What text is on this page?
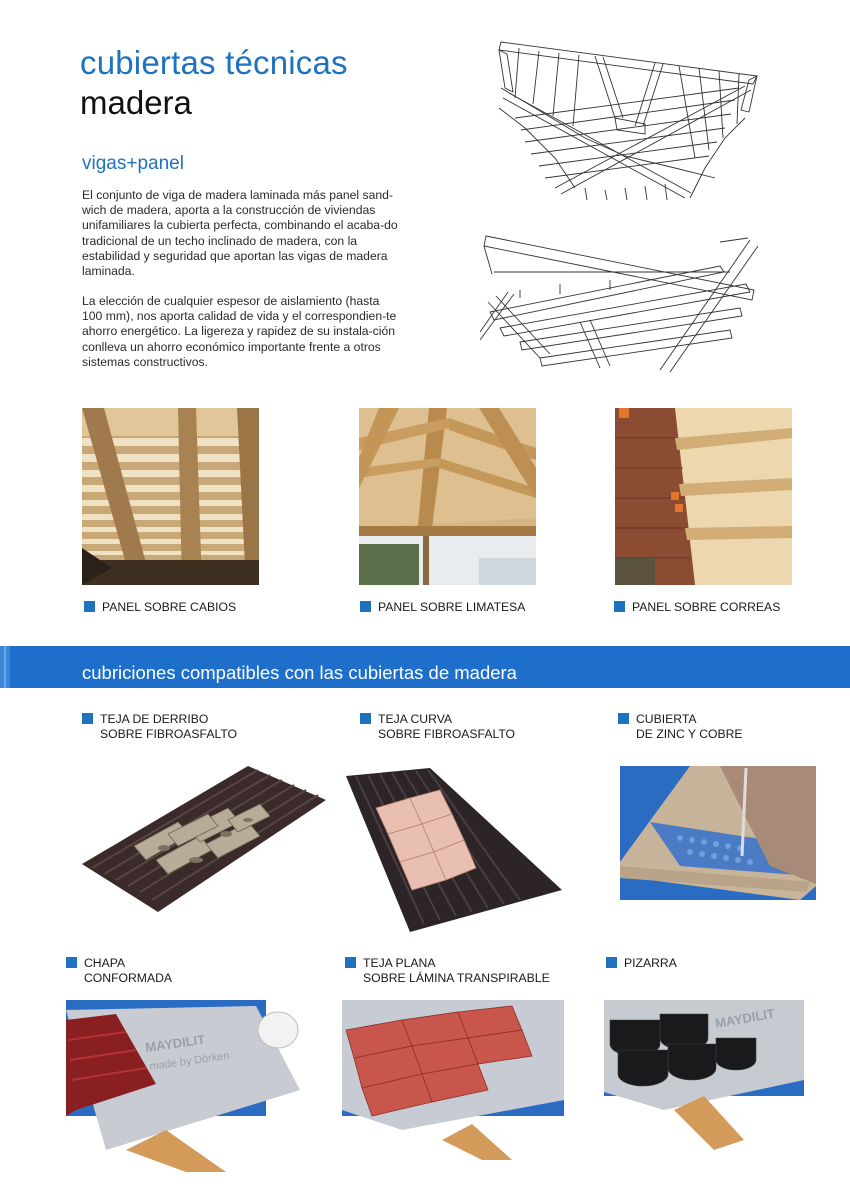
cubiertas técnicas
madera
vigas+panel

El conjunto de viga de madera laminada más panel sand-wich de madera, aporta a la construcción de viviendas unifamiliares la cubierta perfecta, combinando el acaba-do tradicional de un techo inclinado de madera, con la estabilidad y seguridad que aportan las vigas de madera laminada.

La elección de cualquier espesor de aislamiento (hasta 100 mm), nos aporta calidad de vida y el correspondien-te ahorro energético. La ligereza y rapidez de su instala-ción conlleva un ahorro económico importante frente a otros sistemas constructivos.

PANEL SOBRE CABIOS	PANEL SOBRE LIMATESA	PANEL SOBRE CORREAS
cubriciones compatibles con las cubiertas de madera
TEJA DE DERRIBO
SOBRE FIBROASFALTO
TEJA CURVA
SOBRE FIBROASFALTO
CUBIERTA
DE ZINC Y COBRE
CHAPA
CONFORMADA
TEJA PLANA
SOBRE LÁMINA TRANSPIRABLE
PIZARRA
MAYDILIT
made by Dörken
MAYDILIT
